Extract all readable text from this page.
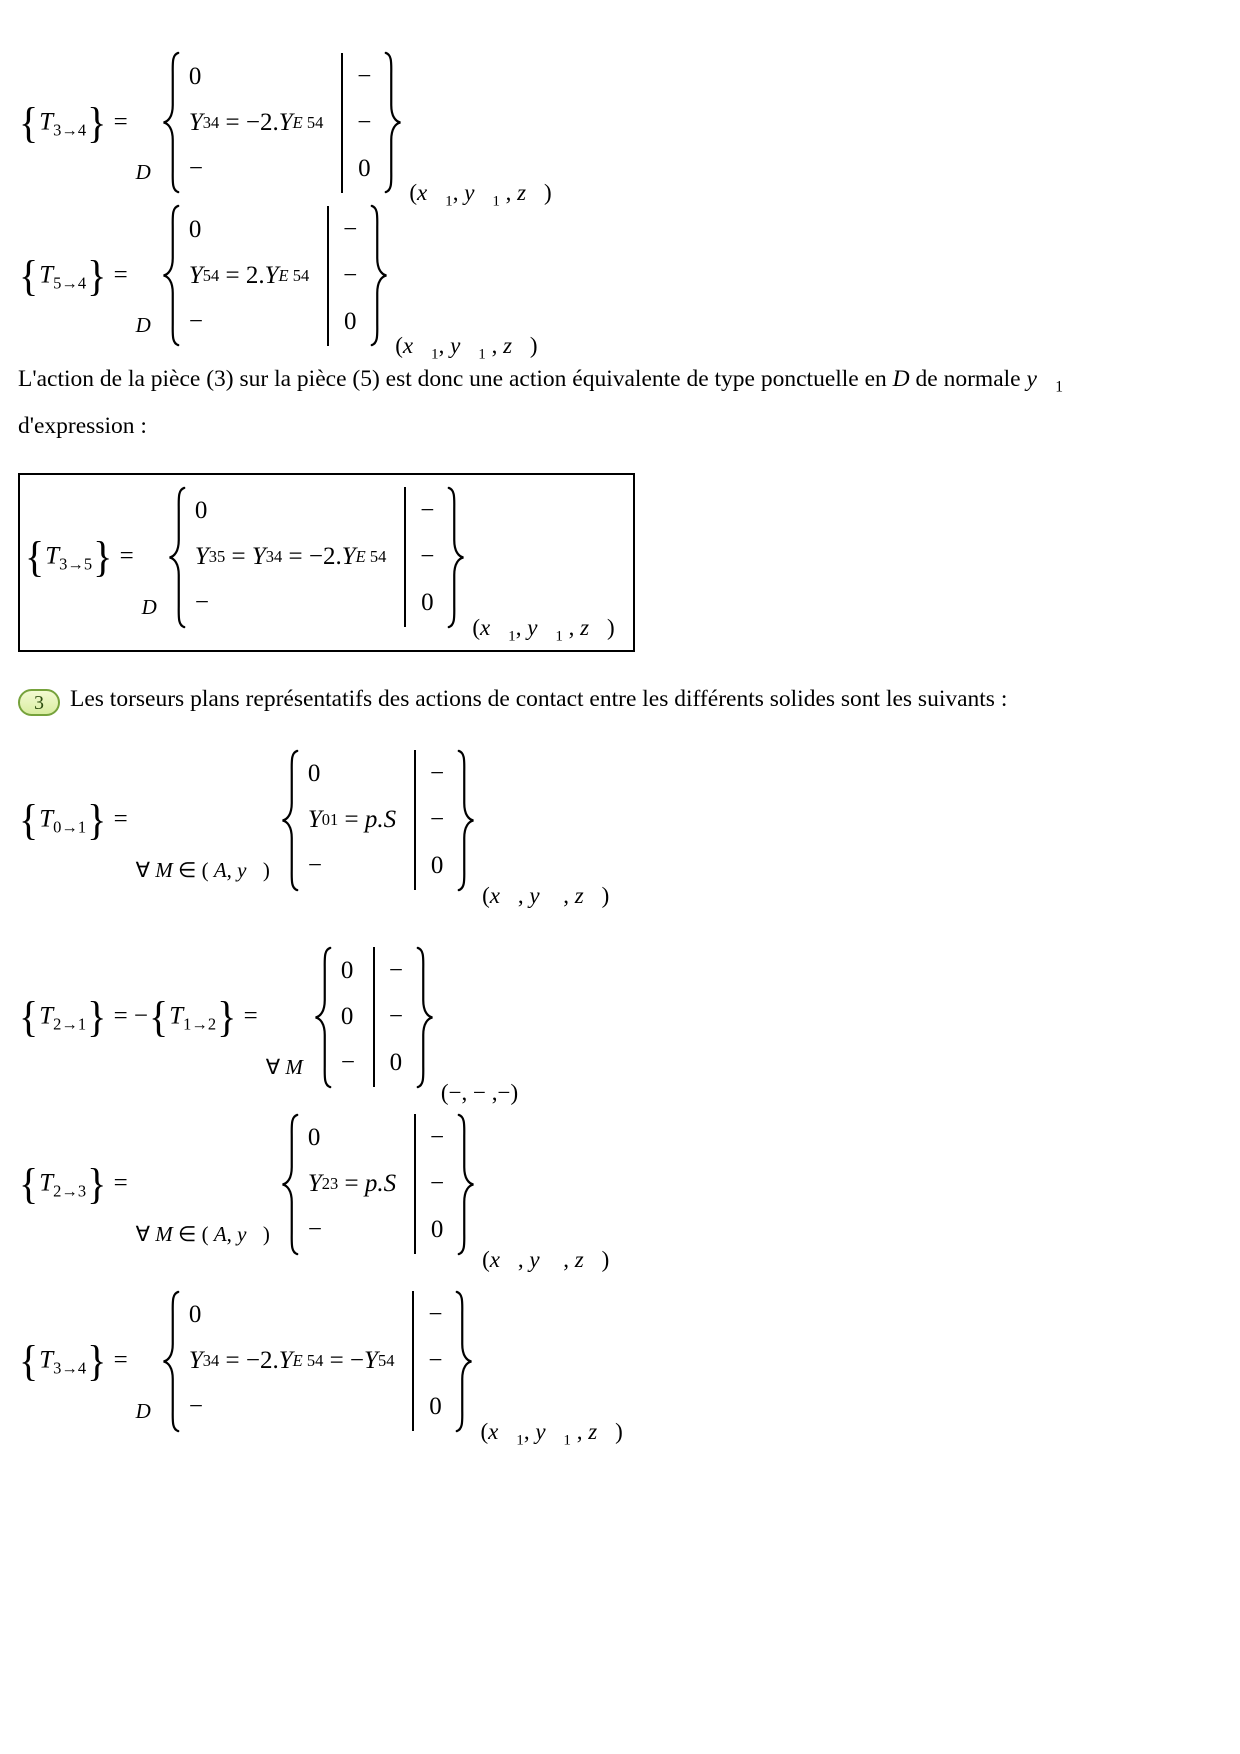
$\{T_{3\to 4}\}$ =
D
0
Y 34 = −2. Y E 54
−
−
−
0
($x⃗_1$, $y⃗_1$ , z⃗)
$\{T_{5\to 4}\}$ =
D
0
Y 54 = 2. Y E 54
−
−
−
0
($x⃗_1$, $y⃗_1$ , z⃗)

L'action de la pièce (3) sur la pièce (5) est donc une action équivalente de type ponctuelle en D de normale $y⃗_1$ d'expression :

$\{T_{3\to 5}\}$ =
D
0
Y 35 = Y 34 = −2. Y E 54
−
−
−
0
($x⃗_1$, $y⃗_1$ , z⃗)

3 Les torseurs plans représentatifs des actions de contact entre les différents solides sont les suivants :

$\{T_{0\to 1}\}$ =
∀ M ∈ ( A, y⃗)
0
Y 01 = p.S
−
−
−
0
(x⃗, y⃗ , z⃗)
$\{T_{2\to 1}\} = -\{T_{1\to 2}\}$ =
∀ M
0
0
−
−
−
0
(−, − ,−)
$\{T_{2\to 3}\}$ =
∀ M ∈ ( A, y⃗)
0
Y 23 = p.S
−
−
−
0
(x⃗, y⃗ , z⃗)
$\{T_{3\to 4}\}$ =
D
0
Y 34 = −2. Y E 54 = − Y 54
−
−
−
0
($x⃗_1$, $y⃗_1$ , z⃗)
